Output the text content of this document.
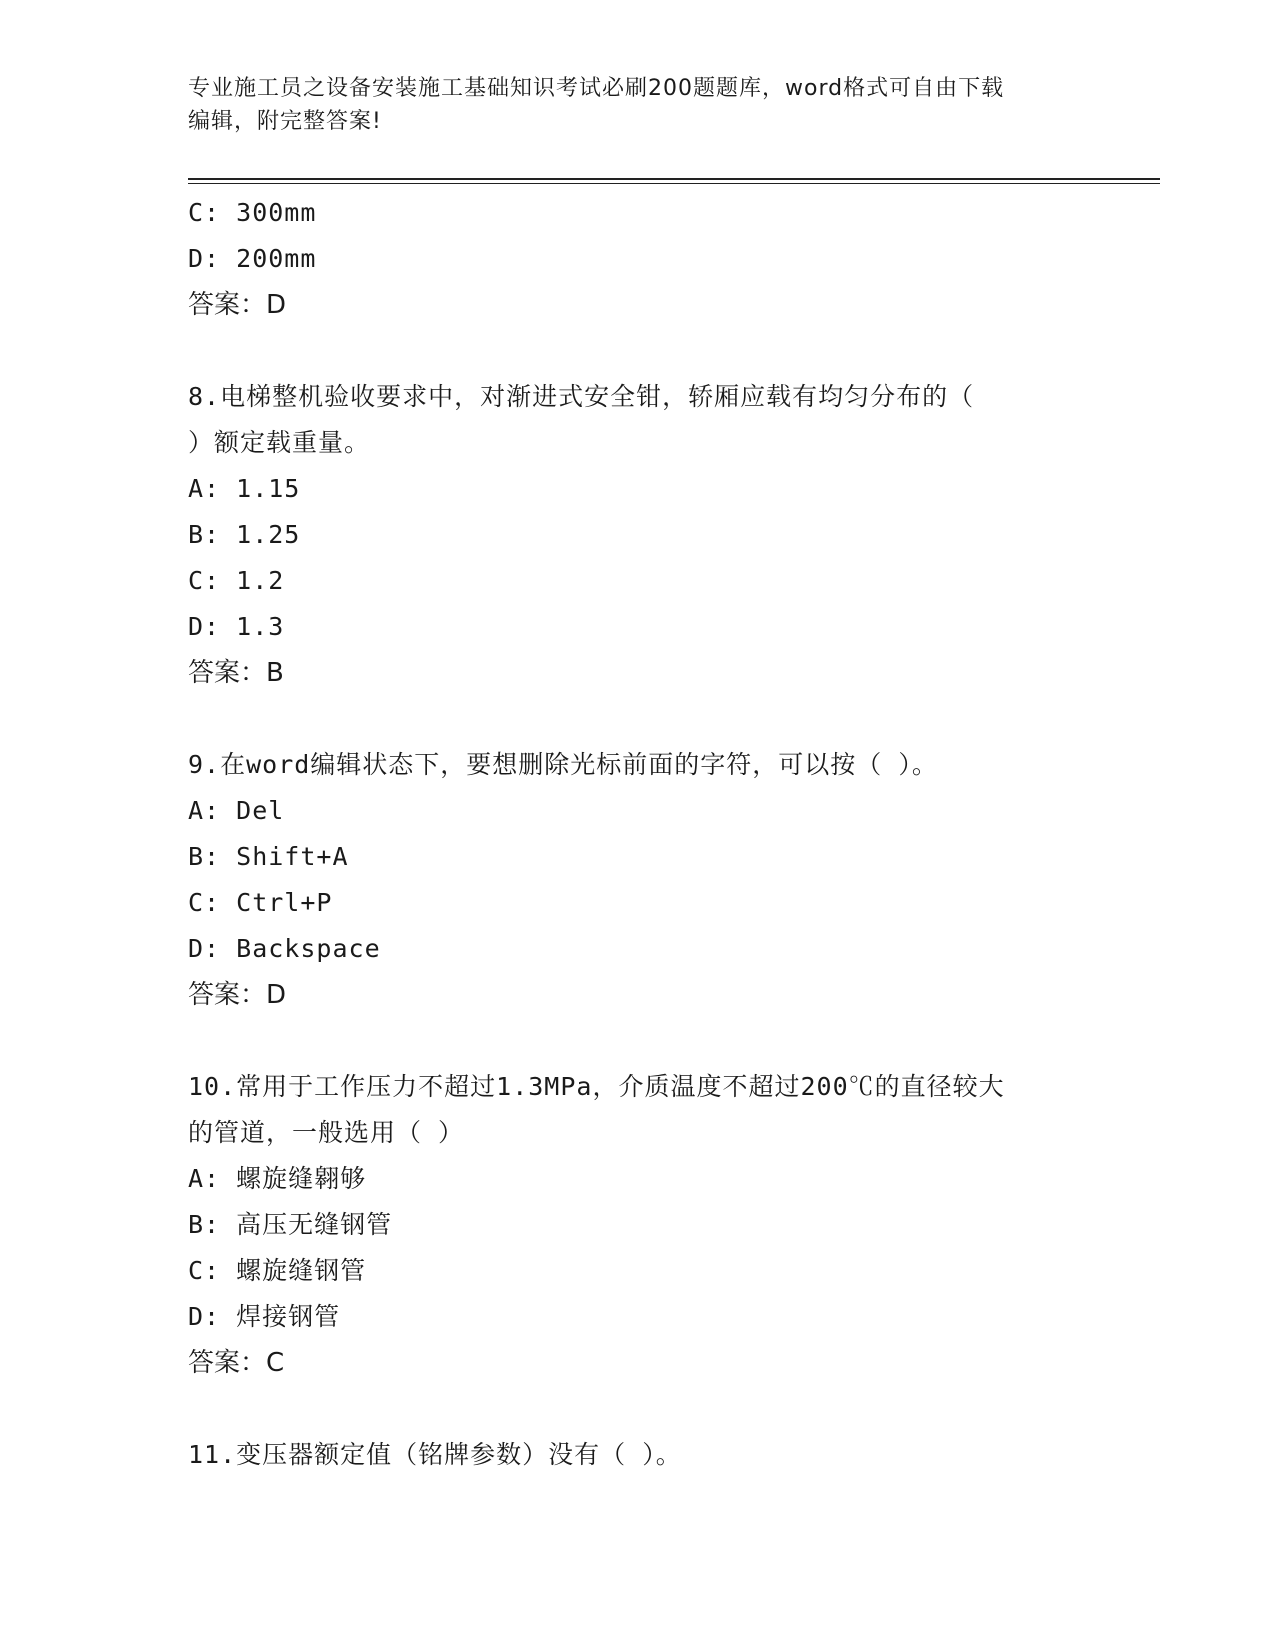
专业施工员之设备安装施工基础知识考试必刷200题题库，word格式可自由下载
编辑，附完整答案!
C: 300mm
D: 200mm
答案：D
8.电梯整机验收要求中，对渐进式安全钳，轿厢应载有均匀分布的（
）额定载重量。
A: 1.15
B: 1.25
C: 1.2
D: 1.3
答案：B
9.在word编辑状态下，要想删除光标前面的字符，可以按（ ）。
A: Del
B: Shift+A
C: Ctrl+P
D: Backspace
答案：D
10.常用于工作压力不超过1.3MPa，介质温度不超过200℃的直径较大
的管道，一般选用（ ）
A: 螺旋缝翱够
B: 高压无缝钢管
C: 螺旋缝钢管
D: 焊接钢管
答案：C
11.变压器额定值（铭牌参数）没有（ ）。
